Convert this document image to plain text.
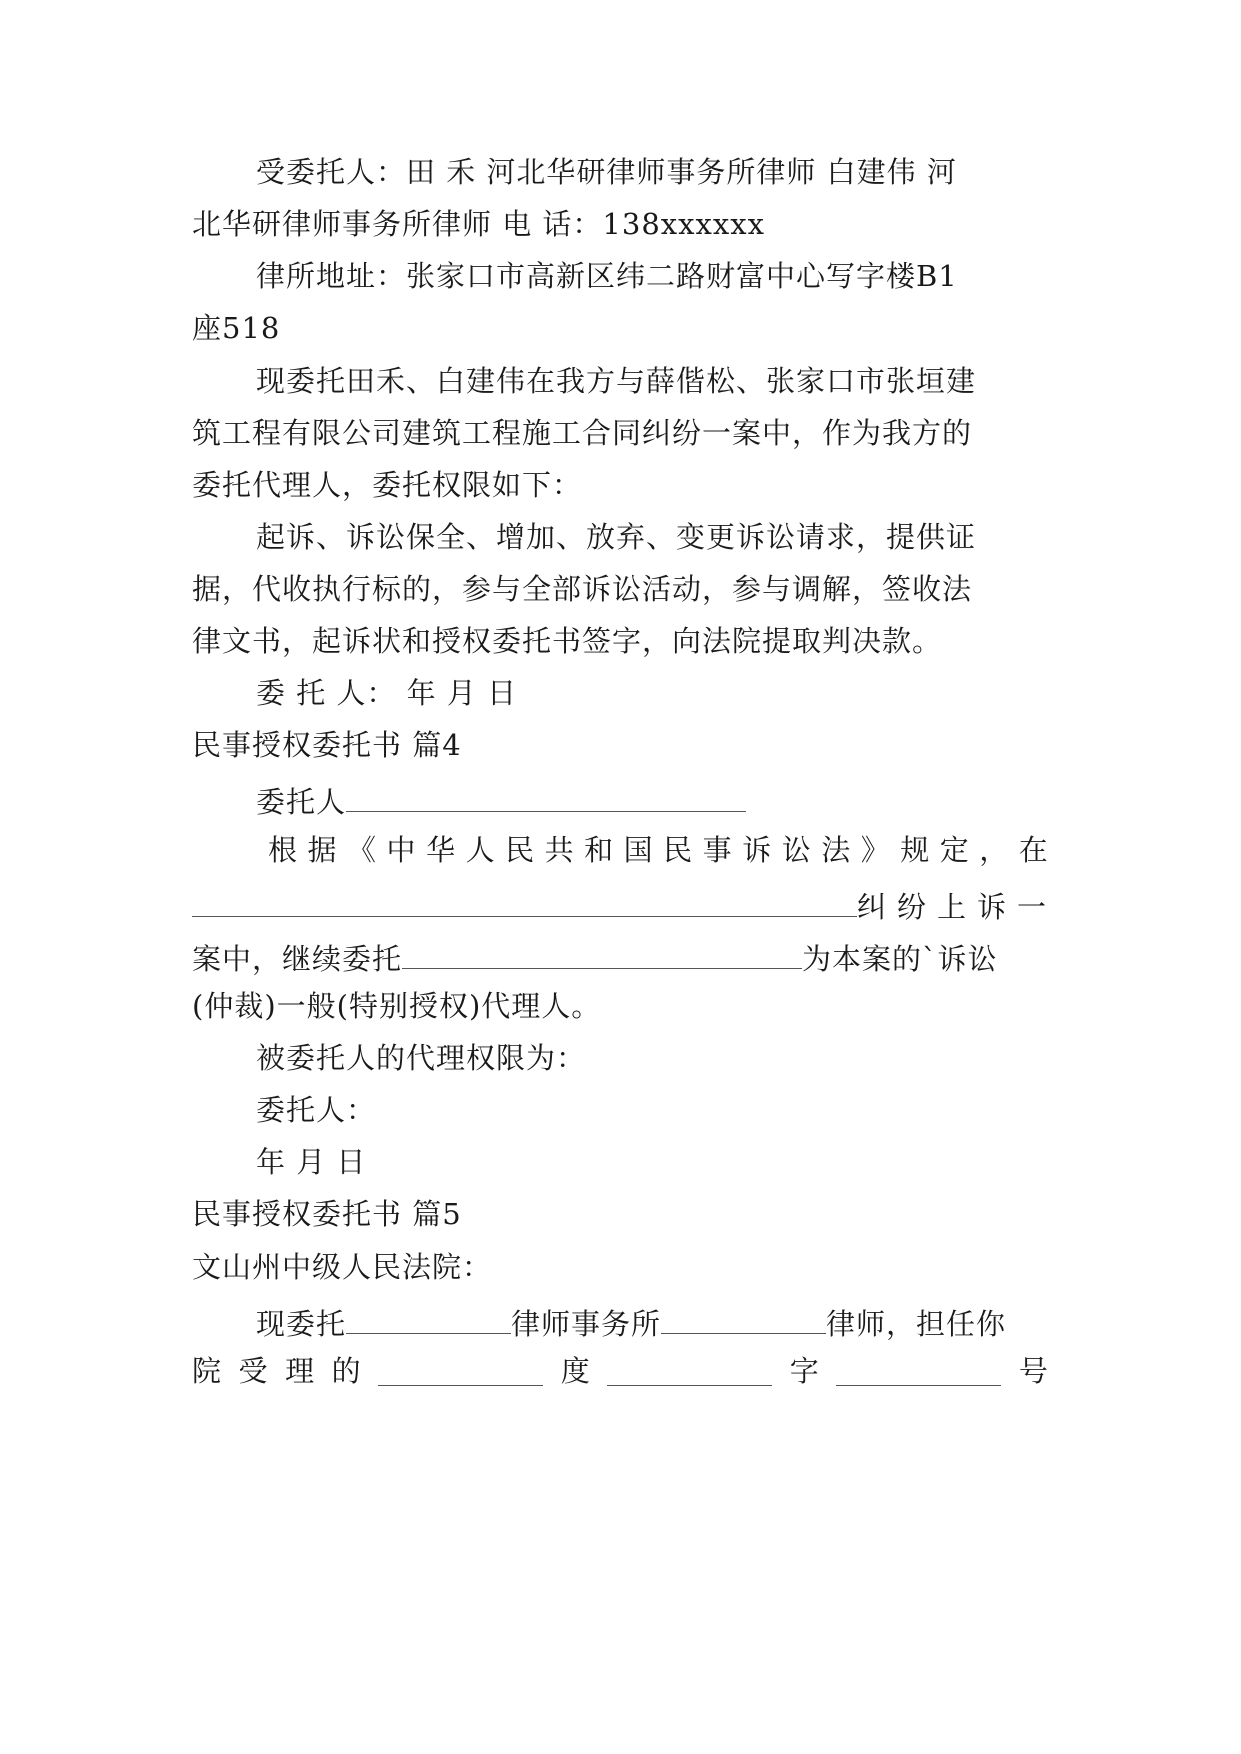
受委托人：田 禾 河北华研律师事务所律师 白建伟 河
北华研律师事务所律师 电 话：138xxxxxx
律所地址：张家口市高新区纬二路财富中心写字楼B1
座518
现委托田禾、白建伟在我方与薛偕松、张家口市张垣建
筑工程有限公司建筑工程施工合同纠纷一案中，作为我方的
委托代理人，委托权限如下：
起诉、诉讼保全、增加、放弃、变更诉讼请求，提供证
据，代收执行标的，参与全部诉讼活动，参与调解，签收法
律文书，起诉状和授权委托书签字，向法院提取判决款。
委 托 人： 年 月 日
民事授权委托书 篇4
委托人
根 据 《 中 华 人 民 共 和 国 民 事 诉 讼 法 》 规 定 ， 在
纠纷上诉一
案中，继续委托	为本案的`诉讼
(仲裁)一般(特别授权)代理人。
被委托人的代理权限为：
委托人：
年 月 日
民事授权委托书 篇5
文山州中级人民法院：
现委托	律师事务所	律师，担任你
院 受 理 的	度	字	号
